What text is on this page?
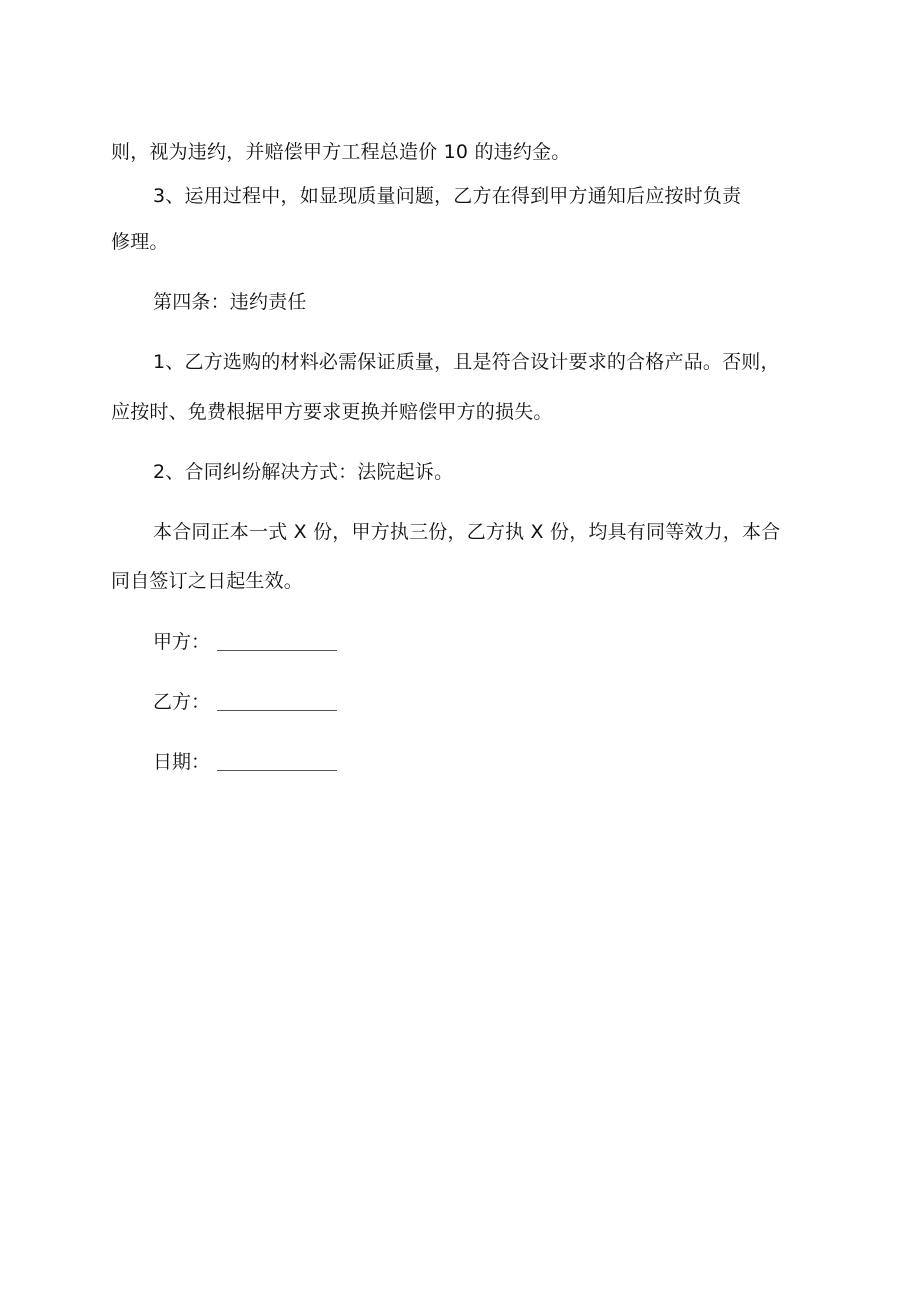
则，视为违约，并赔偿甲方工程总造价 10 的违约金。
3、运用过程中，如显现质量问题，乙方在得到甲方通知后应按时负责
修理。
第四条：违约责任
1、乙方选购的材料必需保证质量，且是符合设计要求的合格产品。否则，
应按时、免费根据甲方要求更换并赔偿甲方的损失。
2、合同纠纷解决方式：法院起诉。
本合同正本一式 X 份，甲方执三份，乙方执 X 份，均具有同等效力，本合
同自签订之日起生效。
甲方：
乙方：
日期：
